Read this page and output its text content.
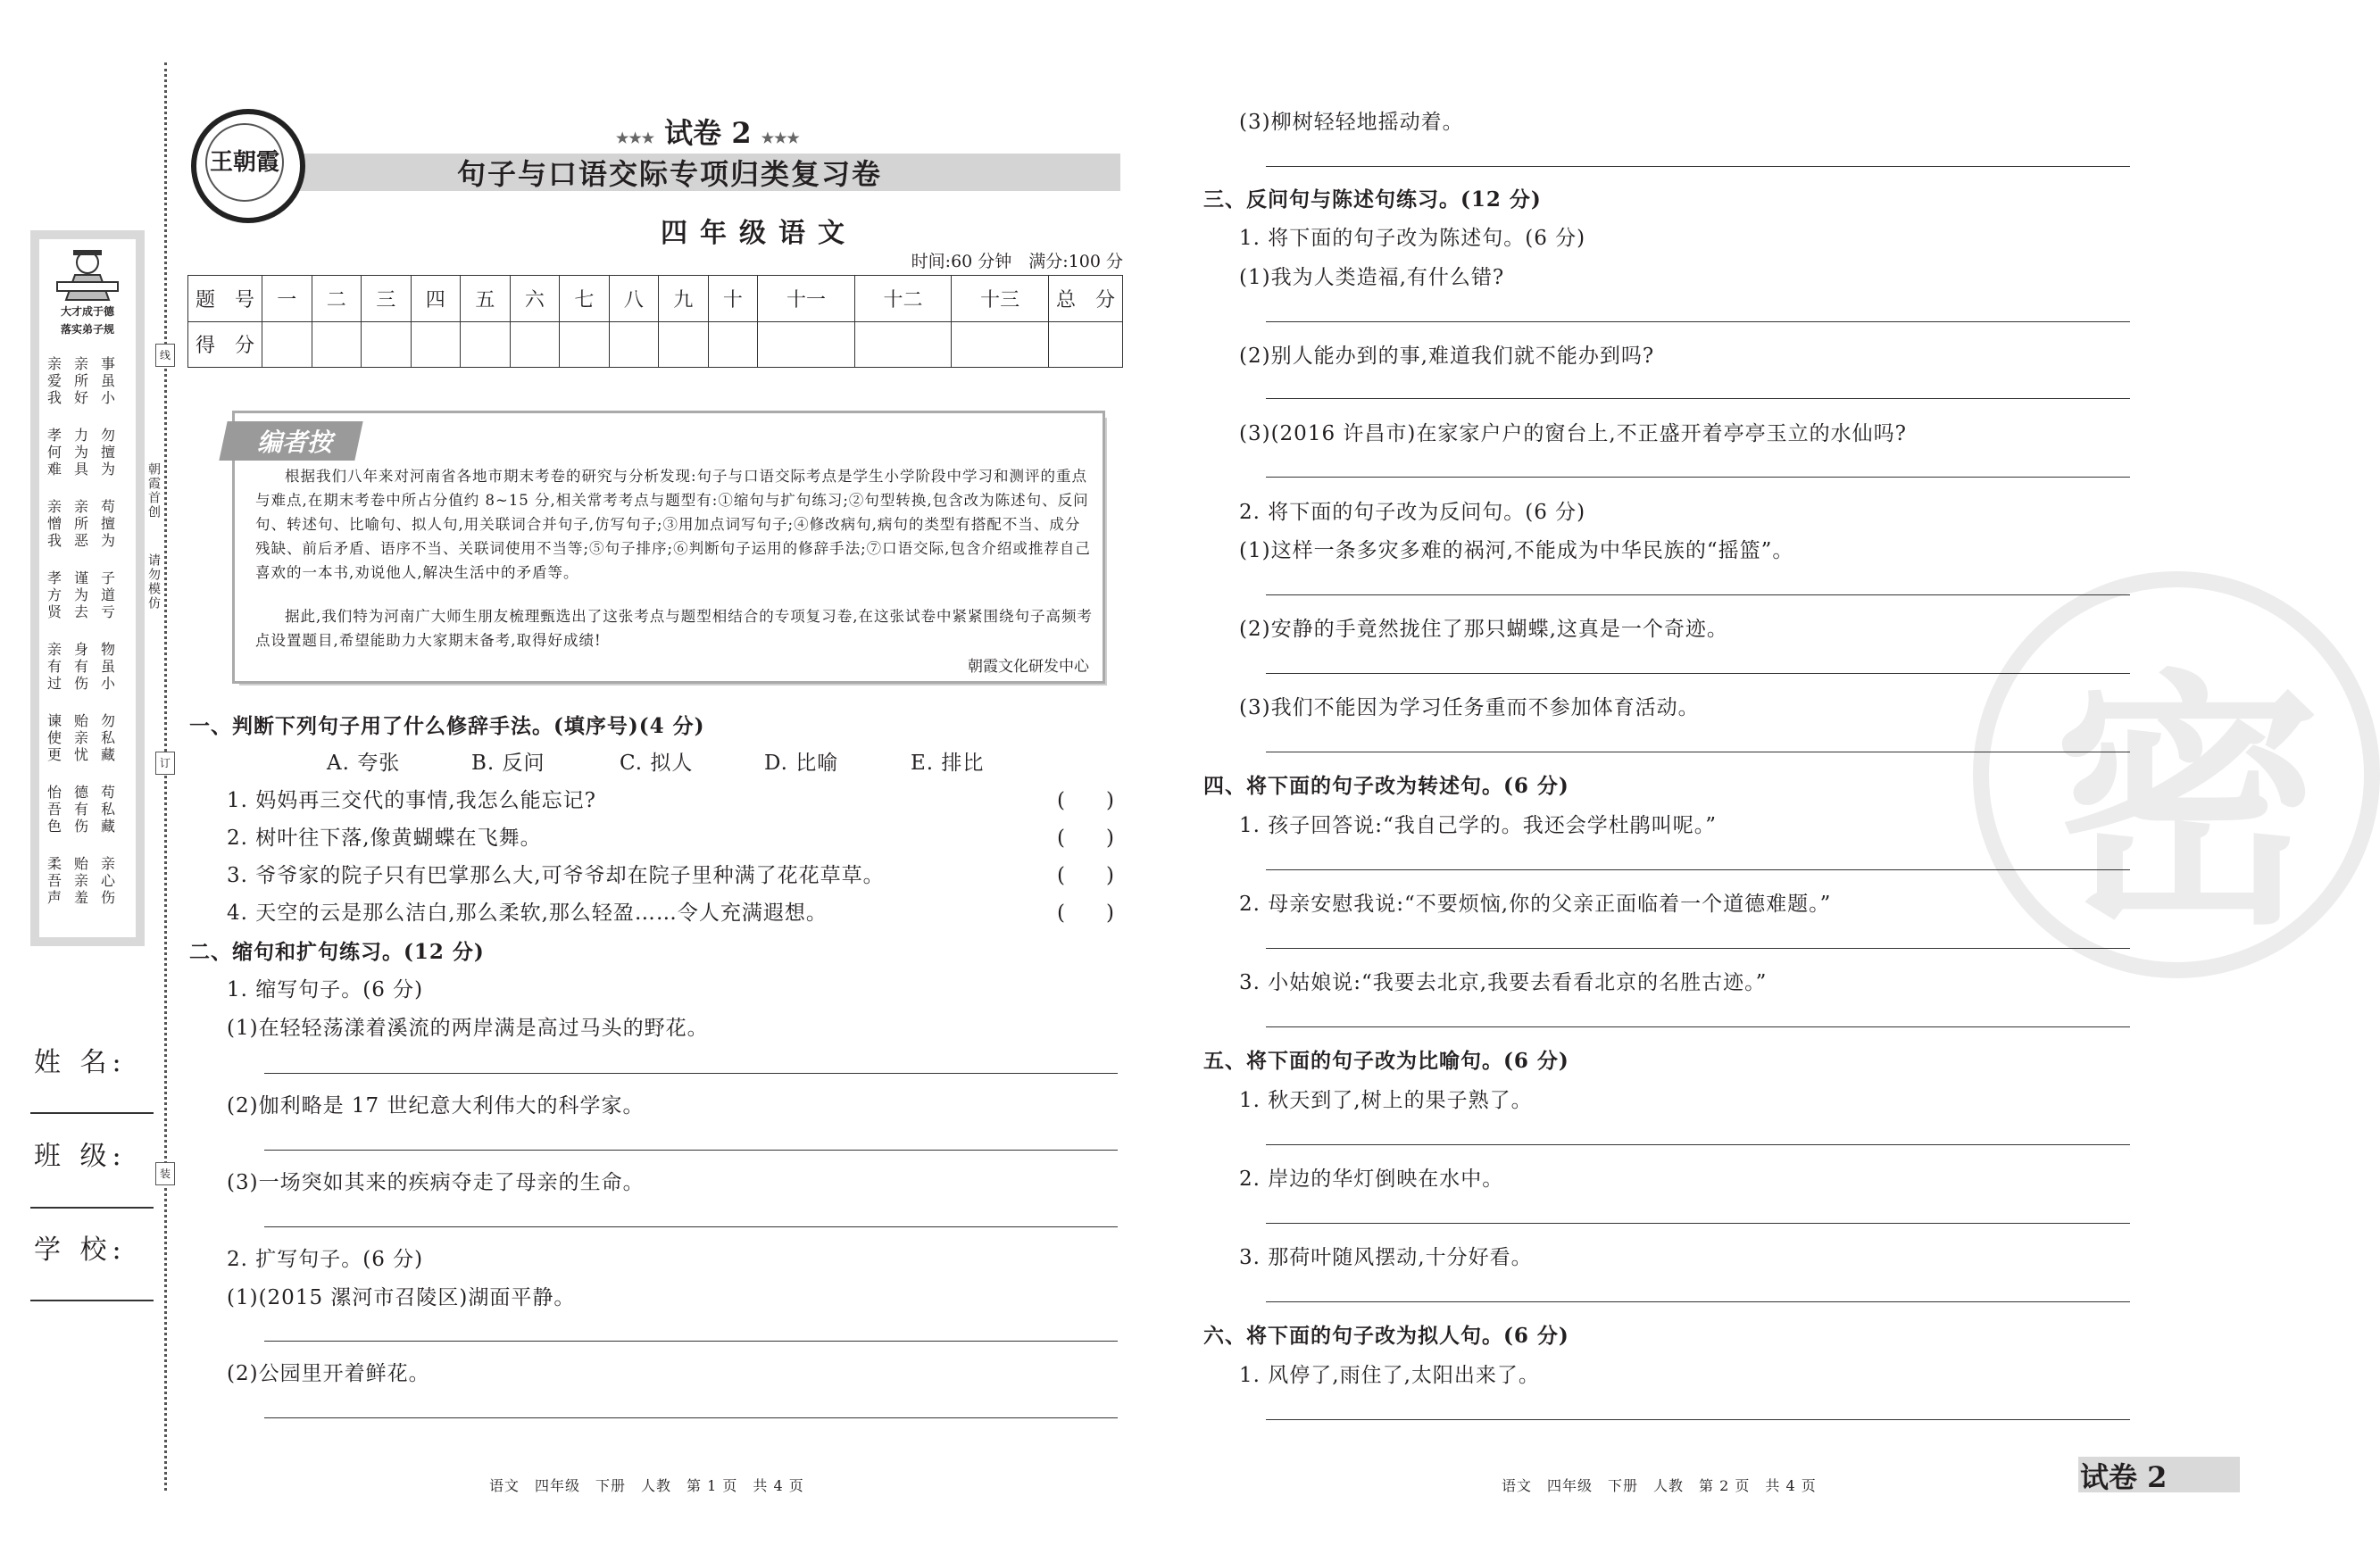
线
订
装
朝霞首创
请勿模仿
大才成于德
落实弟子规
亲爱我
亲所好
事虽小
孝何难
力为具
勿擅为
亲憎我
亲所恶
苟擅为
孝方贤
谨为去
子道亏
亲有过
身有伤
物虽小
谏使更
贻亲忧
勿私藏
怡吾色
德有伤
苟私藏
柔吾声
贻亲羞
亲心伤
姓 名:
班 级:
学 校:
王朝霞
★★★ 试卷 2 ★★★
句子与口语交际专项归类复习卷
四年级语文
时间:60 分钟　满分:100 分
题　号	一	二	三	四	五	六	七	八	九	十	十一	十二	十三	总　分
得　分														
编者按
根据我们八年来对河南省各地市期末考卷的研究与分析发现:句子与口语交际考点是学生小学阶段中学习和测评的重点与难点,在期末考卷中所占分值约 8~15 分,相关常考考点与题型有:①缩句与扩句练习;②句型转换,包含改为陈述句、反问句、转述句、比喻句、拟人句,用关联词合并句子,仿写句子;③用加点词写句子;④修改病句,病句的类型有搭配不当、成分残缺、前后矛盾、语序不当、关联词使用不当等;⑤句子排序;⑥判断句子运用的修辞手法;⑦口语交际,包含介绍或推荐自己喜欢的一本书,劝说他人,解决生活中的矛盾等。
据此,我们特为河南广大师生朋友梳理甄选出了这张考点与题型相结合的专项复习卷,在这张试卷中紧紧围绕句子高频考点设置题目,希望能助力大家期末备考,取得好成绩!
朝霞文化研发中心
一、判断下列句子用了什么修辞手法。(填序号)(4 分)
A. 夸张	B. 反问	C. 拟人	D. 比喻	E. 排比
1. 妈妈再三交代的事情,我怎么能忘记?	(　　)
2. 树叶往下落,像黄蝴蝶在飞舞。	(　　)
3. 爷爷家的院子只有巴掌那么大,可爷爷却在院子里种满了花花草草。	(　　)
4. 天空的云是那么洁白,那么柔软,那么轻盈……令人充满遐想。	(　　)
二、缩句和扩句练习。(12 分)
1. 缩写句子。(6 分)
(1)在轻轻荡漾着溪流的两岸满是高过马头的野花。
(2)伽利略是 17 世纪意大利伟大的科学家。
(3)一场突如其来的疾病夺走了母亲的生命。
2. 扩写句子。(6 分)
(1)(2015 漯河市召陵区)湖面平静。
(2)公园里开着鲜花。
语文　四年级　下册　人教　第 1 页　共 4 页
密
(3)柳树轻轻地摇动着。
三、反问句与陈述句练习。(12 分)
1. 将下面的句子改为陈述句。(6 分)
(1)我为人类造福,有什么错?
(2)别人能办到的事,难道我们就不能办到吗?
(3)(2016 许昌市)在家家户户的窗台上,不正盛开着亭亭玉立的水仙吗?
2. 将下面的句子改为反问句。(6 分)
(1)这样一条多灾多难的祸河,不能成为中华民族的“摇篮”。
(2)安静的手竟然拢住了那只蝴蝶,这真是一个奇迹。
(3)我们不能因为学习任务重而不参加体育活动。
四、将下面的句子改为转述句。(6 分)
1. 孩子回答说:“我自己学的。我还会学杜鹃叫呢。”
2. 母亲安慰我说:“不要烦恼,你的父亲正面临着一个道德难题。”
3. 小姑娘说:“我要去北京,我要去看看北京的名胜古迹。”
五、将下面的句子改为比喻句。(6 分)
1. 秋天到了,树上的果子熟了。
2. 岸边的华灯倒映在水中。
3. 那荷叶随风摆动,十分好看。
六、将下面的句子改为拟人句。(6 分)
1. 风停了,雨住了,太阳出来了。
语文　四年级　下册　人教　第 2 页　共 4 页	试卷 2
